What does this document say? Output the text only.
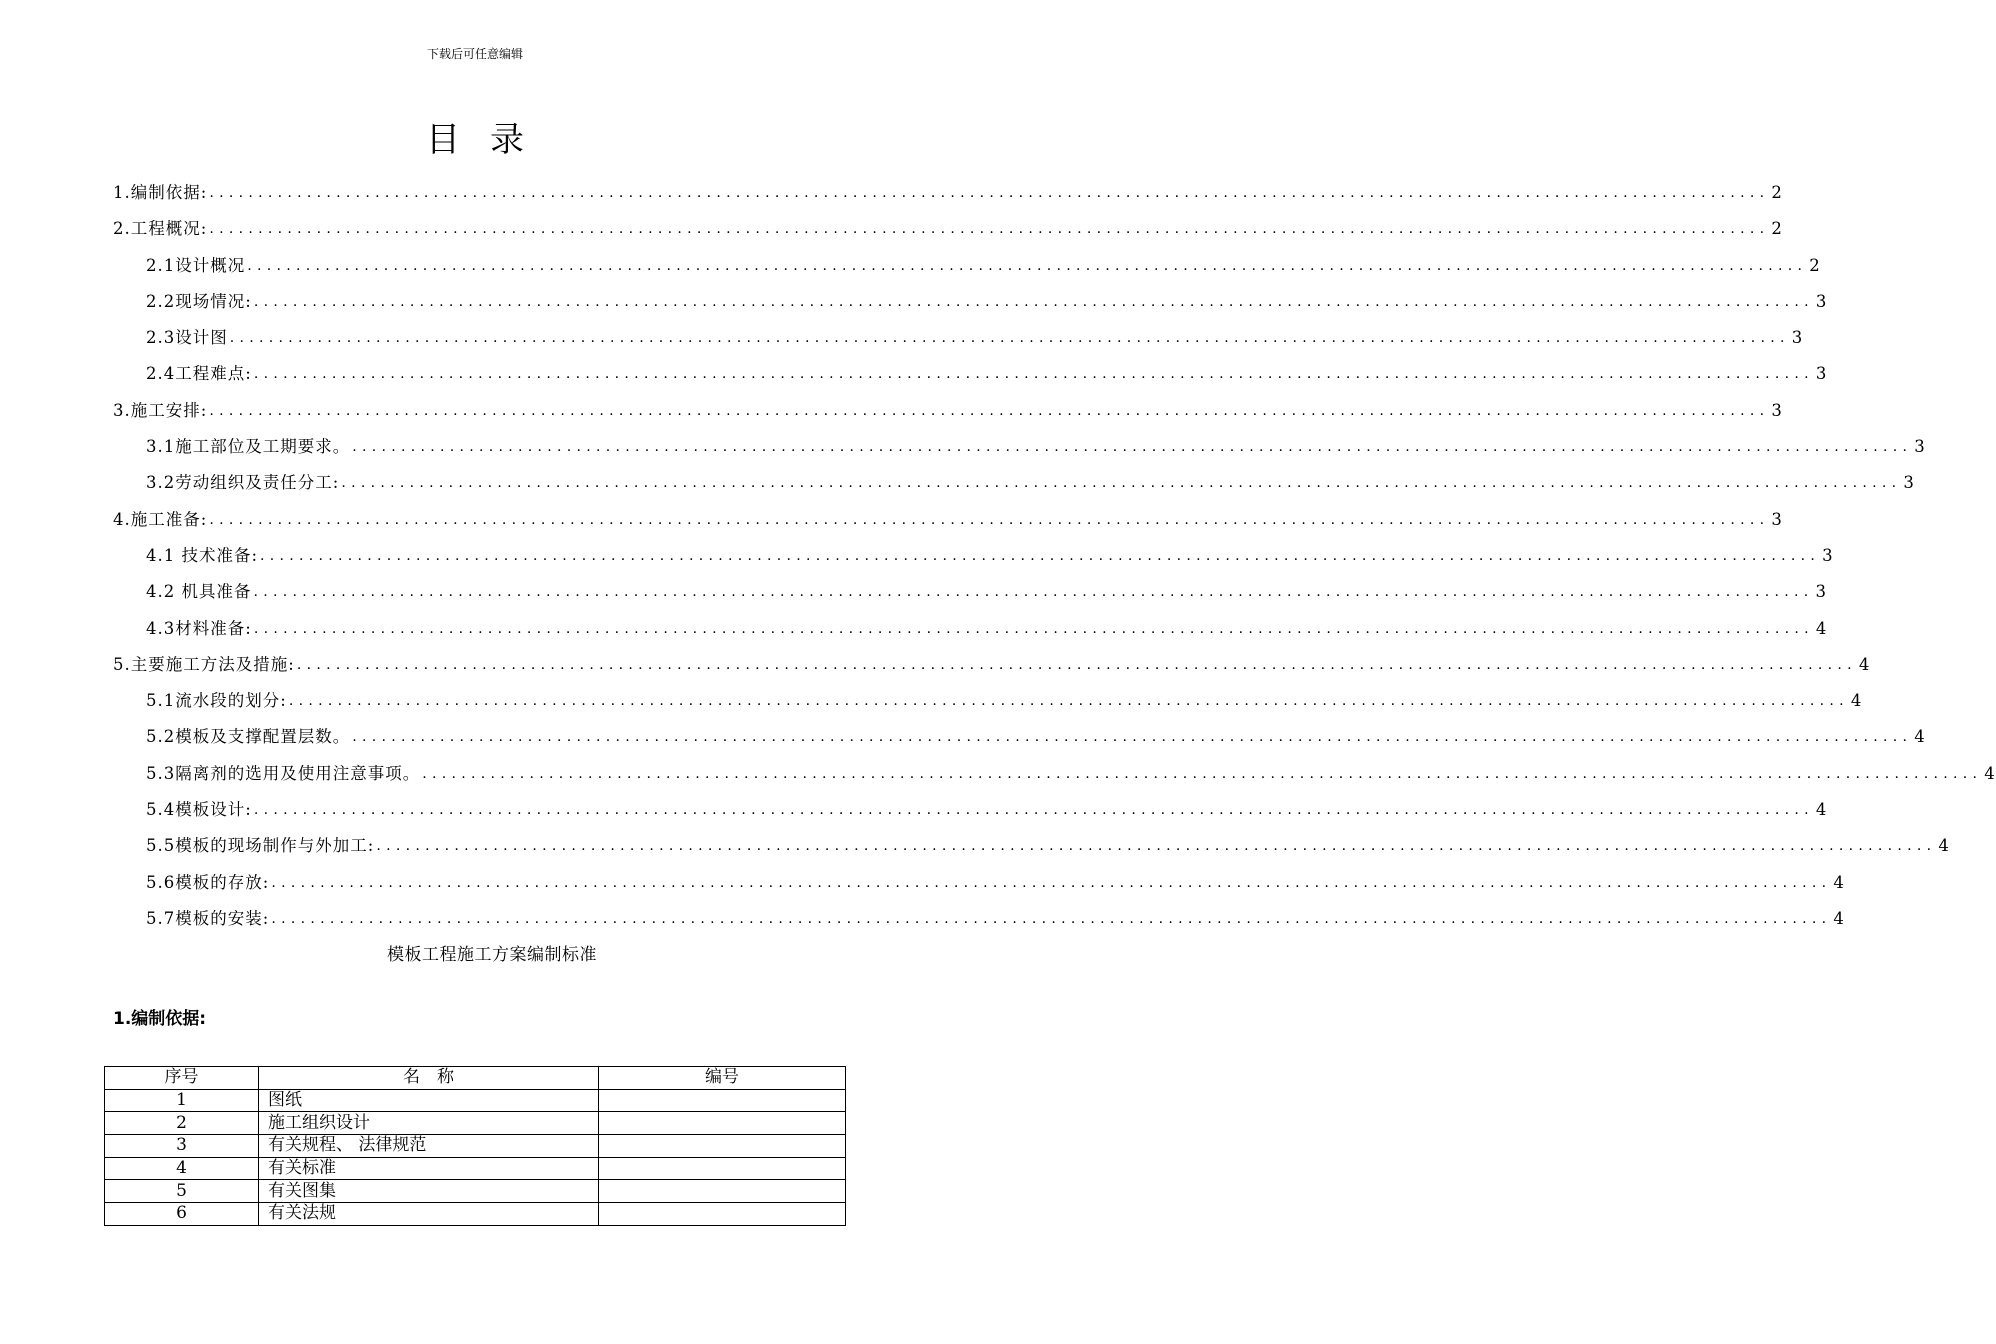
下载后可任意编辑
目录
1.编制依据: ................................................................................................................................................................ 2
2.工程概况: ................................................................................................................................................................ 2
2.1设计概况 ................................................................................................................................................................ 2
2.2现场情况: ................................................................................................................................................................ 3
2.3设计图 ................................................................................................................................................................ 3
2.4工程难点: ................................................................................................................................................................ 3
3.施工安排: ................................................................................................................................................................ 3
3.1施工部位及工期要求。 ................................................................................................................................................................ 3
3.2劳动组织及责任分工: ................................................................................................................................................................ 3
4.施工准备: ................................................................................................................................................................ 3
4.1 技术准备: ................................................................................................................................................................ 3
4.2 机具准备 ................................................................................................................................................................ 3
4.3材料准备: ................................................................................................................................................................ 4
5.主要施工方法及措施: ................................................................................................................................................................ 4
5.1流水段的划分: ................................................................................................................................................................ 4
5.2模板及支撑配置层数。 ................................................................................................................................................................ 4
5.3隔离剂的选用及使用注意事项。 ................................................................................................................................................................ 4
5.4模板设计: ................................................................................................................................................................ 4
5.5模板的现场制作与外加工: ................................................................................................................................................................ 4
5.6模板的存放: ................................................................................................................................................................ 4
5.7模板的安装: ................................................................................................................................................................ 4
模板工程施工方案编制标准
1.编制依据:
序号	名　称	编号
1	图纸	
2	施工组织设计	
3	有关规程、 法律规范	
4	有关标准	
5	有关图集	
6	有关法规	
